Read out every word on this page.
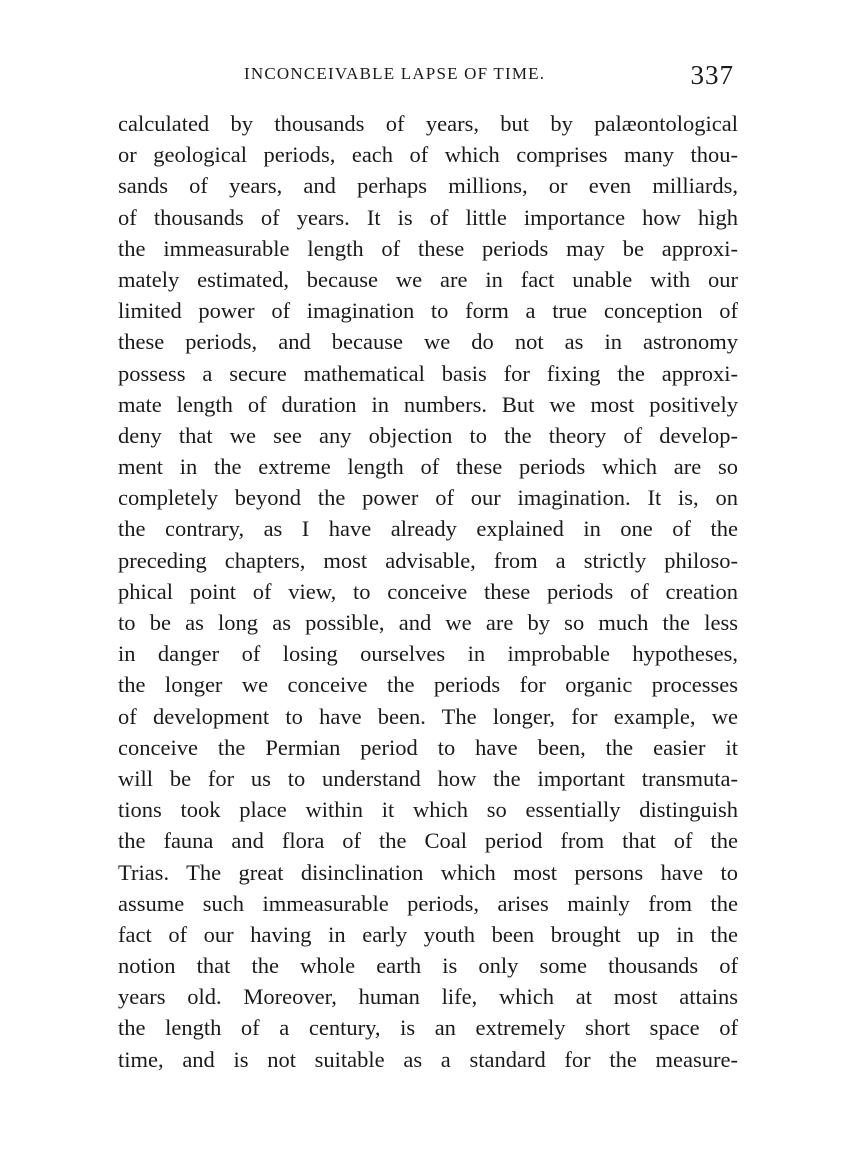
INCONCEIVABLE LAPSE OF TIME.	337
calculated by thousands of years, but by palæontological
or geological periods, each of which comprises many thou-
sands of years, and perhaps millions, or even milliards,
of thousands of years. It is of little importance how high
the immeasurable length of these periods may be approxi-
mately estimated, because we are in fact unable with our
limited power of imagination to form a true conception of
these periods, and because we do not as in astronomy
possess a secure mathematical basis for fixing the approxi-
mate length of duration in numbers. But we most positively
deny that we see any objection to the theory of develop-
ment in the extreme length of these periods which are so
completely beyond the power of our imagination. It is, on
the contrary, as I have already explained in one of the
preceding chapters, most advisable, from a strictly philoso-
phical point of view, to conceive these periods of creation
to be as long as possible, and we are by so much the less
in danger of losing ourselves in improbable hypotheses,
the longer we conceive the periods for organic processes
of development to have been. The longer, for example, we
conceive the Permian period to have been, the easier it
will be for us to understand how the important transmuta-
tions took place within it which so essentially distinguish
the fauna and flora of the Coal period from that of the
Trias. The great disinclination which most persons have to
assume such immeasurable periods, arises mainly from the
fact of our having in early youth been brought up in the
notion that the whole earth is only some thousands of
years old. Moreover, human life, which at most attains
the length of a century, is an extremely short space of
time, and is not suitable as a standard for the measure-
